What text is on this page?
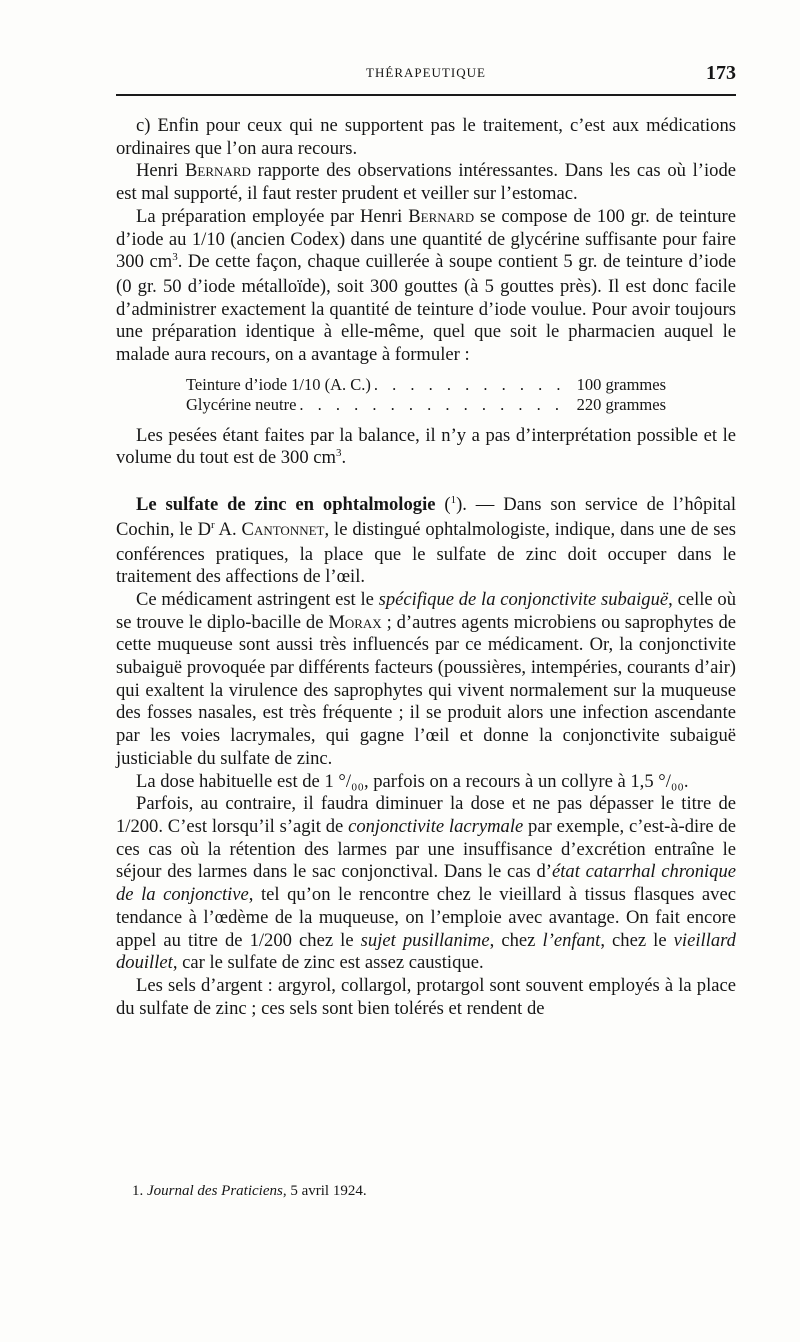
THÉRAPEUTIQUE	173

c) Enfin pour ceux qui ne supportent pas le traitement, c’est aux médications ordinaires que l’on aura recours.

Henri Bernard rapporte des observations intéressantes. Dans les cas où l’iode est mal supporté, il faut rester prudent et veiller sur l’estomac.

La préparation employée par Henri Bernard se compose de 100 gr. de teinture d’iode au 1/10 (ancien Codex) dans une quantité de glycérine suffisante pour faire 300 $cm^3$. De cette façon, chaque cuillerée à soupe contient 5 gr. de teinture d’iode (0 gr. 50 d’iode métalloïde), soit 300 gouttes (à 5 gouttes près). Il est donc facile d’administrer exactement la quantité de teinture d’iode voulue. Pour avoir toujours une préparation identique à elle-même, quel que soit le pharmacien auquel le malade aura recours, on a avantage à formuler :

Teinture d’iode 1/10 (A. C.) . . .	100 grammes
Glycérine neutre . . .	220 grammes

Les pesées étant faites par la balance, il n’y a pas d’interprétation possible et le volume du tout est de 300 $cm^3$.

Le sulfate de zinc en ophtalmologie ($^1$). — Dans son service de l’hôpital Cochin, le $D^r$ A. Cantonnet, le distingué ophtalmologiste, indique, dans une de ses conférences pratiques, la place que le sulfate de zinc doit occuper dans le traitement des affections de l’œil.

Ce médicament astringent est le spécifique de la conjonctivite subaiguë, celle où se trouve le diplo-bacille de Morax ; d’autres agents microbiens ou saprophytes de cette muqueuse sont aussi très influencés par ce médicament. Or, la conjonctivite subaiguë provoquée par différents facteurs (poussières, intempéries, courants d’air) qui exaltent la virulence des saprophytes qui vivent normalement sur la muqueuse des fosses nasales, est très fréquente ; il se produit alors une infection ascendante par les voies lacrymales, qui gagne l’œil et donne la conjonctivite subaiguë justiciable du sulfate de zinc.

La dose habituelle est de 1 °/₀₀, parfois on a recours à un collyre à 1,5 °/₀₀.

Parfois, au contraire, il faudra diminuer la dose et ne pas dépasser le titre de 1/200. C’est lorsqu’il s’agit de conjonctivite lacrymale par exemple, c’est-à-dire de ces cas où la rétention des larmes par une insuffisance d’excrétion entraîne le séjour des larmes dans le sac conjonctival. Dans le cas d’état catarrhal chronique de la conjonctive, tel qu’on le rencontre chez le vieillard à tissus flasques avec tendance à l’œdème de la muqueuse, on l’emploie avec avantage. On fait encore appel au titre de 1/200 chez le sujet pusillanime, chez l’enfant, chez le vieillard douillet, car le sulfate de zinc est assez caustique.

Les sels d’argent : argyrol, collargol, protargol sont souvent employés à la place du sulfate de zinc ; ces sels sont bien tolérés et rendent de

1. Journal des Praticiens, 5 avril 1924.
